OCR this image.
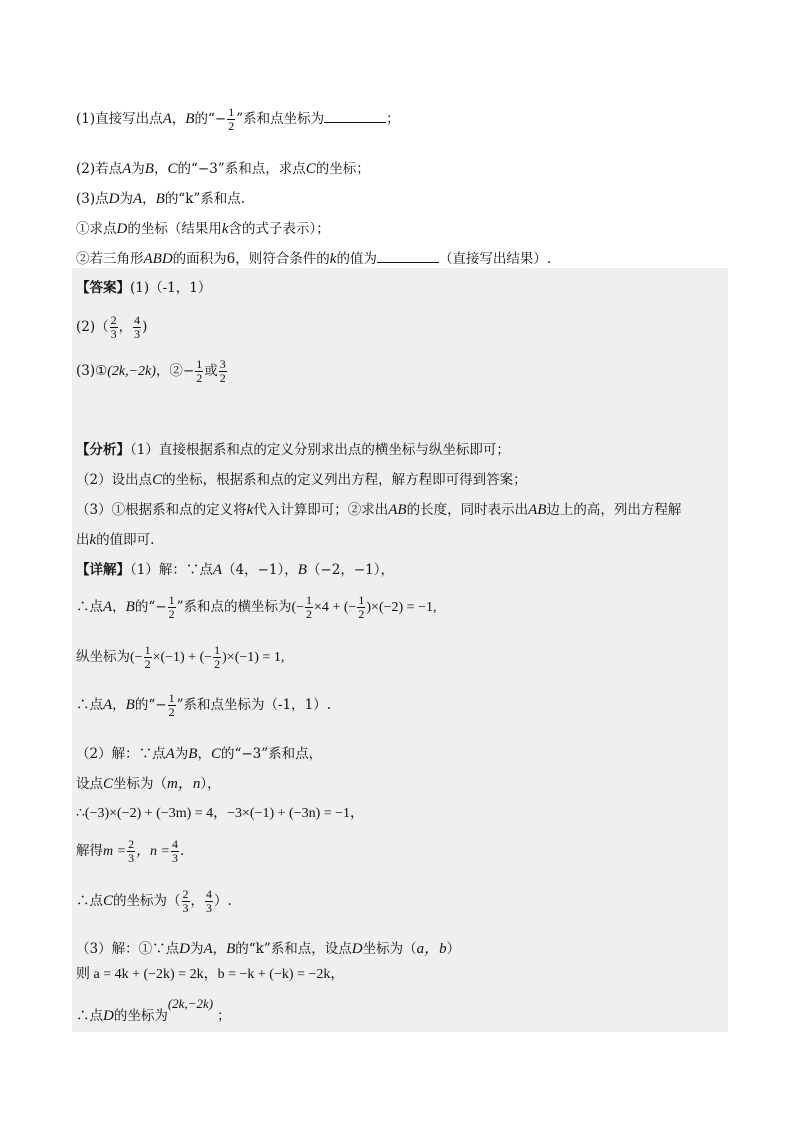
(1)直接写出点A，B的“− $\frac{1}{2}$ ”系和点坐标为	；
(2)若点A为B，C的“−3”系和点，求点C的坐标；
(3)点D为A，B的“k”系和点.
①求点D的坐标（结果用k含的式子表示）；
②若三角形ABD的面积为6，则符合条件的k的值为	（直接写出结果）.
【答案】(1)（-1，1）
$(2)( \frac{2}{3}$ ， $\frac{4}{3}$ )
(3)①(2k,−2k)，②− $\frac{1}{2}$ 或 $\frac{3}{2}$
【分析】（1）直接根据系和点的定义分别求出点的横坐标与纵坐标即可；
（2）设出点C的坐标，根据系和点的定义列出方程，解方程即可得到答案；
（3）①根据系和点的定义将k代入计算即可；②求出AB的长度，同时表示出AB边上的高，列出方程解
出k的值即可.
【详解】（1）解：∵点A（4，−1），B（−2，−1），
∴点A，B的“− $\frac{1}{2}$ ”系和点的横坐标为(− $\frac{1}{2} \times 4$ + (− $\frac{1}{2} )\times(-2) = -1$,
纵坐标为(− $\frac{1}{2} \times(-1)$ + (− $\frac{1}{2} )\times(-1) = 1$,
∴点A，B的“− $\frac{1}{2}$ ”系和点坐标为（-1，1）.
（2）解：∵点A为B，C的“−3”系和点，
设点C坐标为（m，n），
∴(−3)×(−2) + (−3m) = 4，−3×(−1) + (−3n) = −1，
解得$m = \frac{2}{3}$ ，$n = \frac{4}{3}$ .
∴点C的坐标为（ $\frac{2}{3}$ ， $\frac{4}{3}$ ）.
（3）解：①∵点D为A，B的“k”系和点，设点D坐标为（a，b）
则 a = 4k + (−2k) = 2k，b = −k + (−k) = −2k，
∴点D的坐标为(2k,−2k)；
